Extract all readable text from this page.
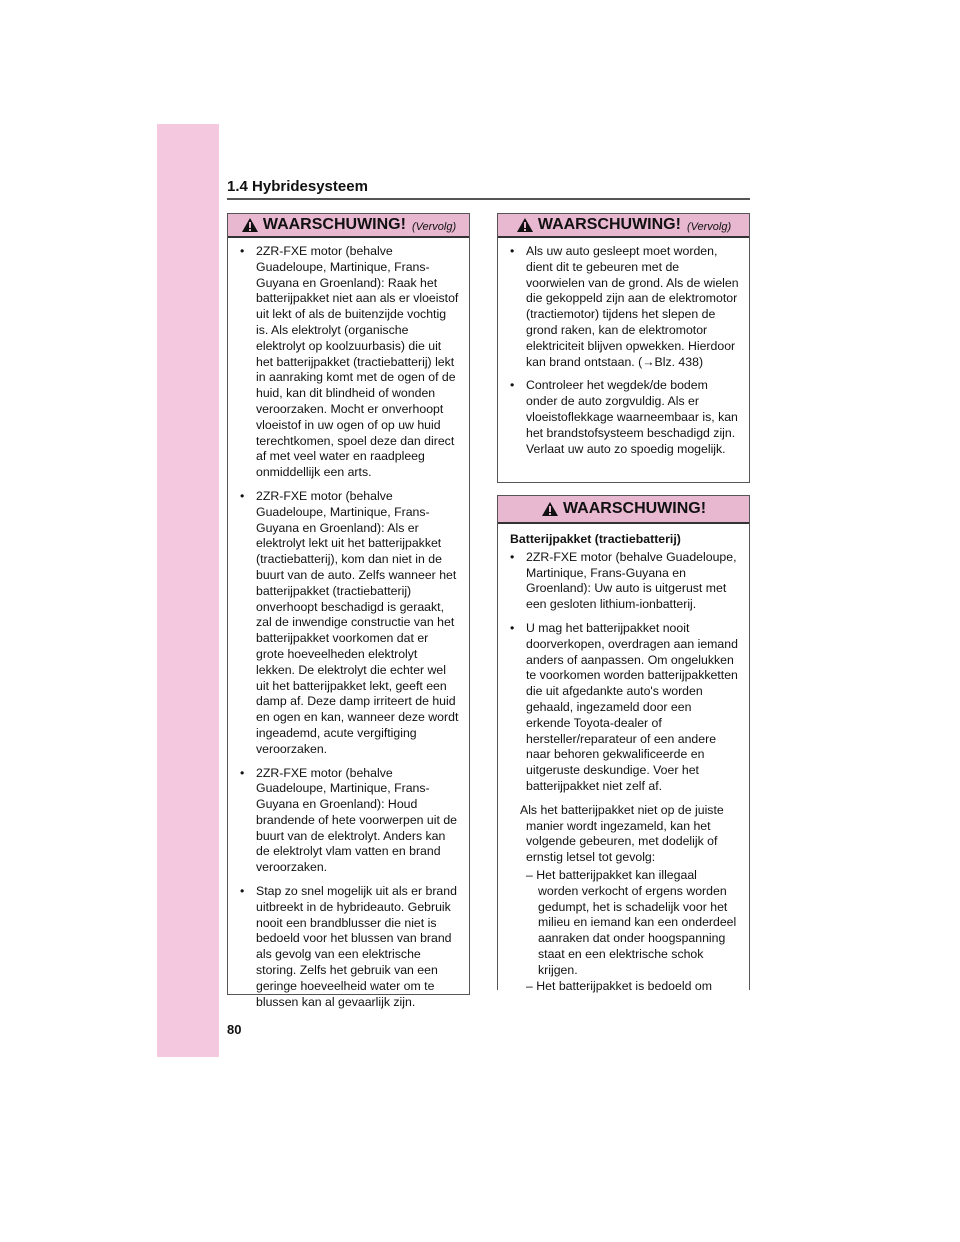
1.4 Hybridesysteem
WAARSCHUWING! (Vervolg)
• 2ZR-FXE motor (behalve Guadeloupe, Martinique, Frans-Guyana en Groenland): Raak het batterijpakket niet aan als er vloeistof uit lekt of als de buitenzijde vochtig is. Als elektrolyt (organische elektrolyt op koolzuurbasis) die uit het batterijpakket (tractiebatterij) lekt in aanraking komt met de ogen of de huid, kan dit blindheid of wonden veroorzaken. Mocht er onverhoopt vloeistof in uw ogen of op uw huid terechtkomen, spoel deze dan direct af met veel water en raadpleeg onmiddellijk een arts.
• 2ZR-FXE motor (behalve Guadeloupe, Martinique, Frans-Guyana en Groenland): Als er elektrolyt lekt uit het batterijpakket (tractiebatterij), kom dan niet in de buurt van de auto. Zelfs wanneer het batterijpakket (tractiebatterij) onverhoopt beschadigd is geraakt, zal de inwendige constructie van het batterijpakket voorkomen dat er grote hoeveelheden elektrolyt lekken. De elektrolyt die echter wel uit het batterijpakket lekt, geeft een damp af. Deze damp irriteert de huid en ogen en kan, wanneer deze wordt ingeademd, acute vergiftiging veroorzaken.
• 2ZR-FXE motor (behalve Guadeloupe, Martinique, Frans-Guyana en Groenland): Houd brandende of hete voorwerpen uit de buurt van de elektrolyt. Anders kan de elektrolyt vlam vatten en brand veroorzaken.
• Stap zo snel mogelijk uit als er brand uitbreekt in de hybrideauto. Gebruik nooit een brandblusser die niet is bedoeld voor het blussen van brand als gevolg van een elektrische storing. Zelfs het gebruik van een geringe hoeveelheid water om te blussen kan al gevaarlijk zijn.
WAARSCHUWING! (Vervolg)
• Als uw auto gesleept moet worden, dient dit te gebeuren met de voorwielen van de grond. Als de wielen die gekoppeld zijn aan de elektromotor (tractiemotor) tijdens het slepen de grond raken, kan de elektromotor elektriciteit blijven opwekken. Hierdoor kan brand ontstaan. (→Blz. 438)
• Controleer het wegdek/de bodem onder de auto zorgvuldig. Als er vloeistoflekkage waarneembaar is, kan het brandstofsysteem beschadigd zijn. Verlaat uw auto zo spoedig mogelijk.
WAARSCHUWING!
Batterijpakket (tractiebatterij)
• 2ZR-FXE motor (behalve Guadeloupe, Martinique, Frans-Guyana en Groenland): Uw auto is uitgerust met een gesloten lithium-ionbatterij.
• U mag het batterijpakket nooit doorverkopen, overdragen aan iemand anders of aanpassen. Om ongelukken te voorkomen worden batterijpakketten die uit afgedankte auto's worden gehaald, ingezameld door een erkende Toyota-dealer of hersteller/reparateur of een andere naar behoren gekwalificeerde en uitgeruste deskundige. Voer het batterijpakket niet zelf af.
Als het batterijpakket niet op de juiste manier wordt ingezameld, kan het volgende gebeuren, met dodelijk of ernstig letsel tot gevolg:
– Het batterijpakket kan illegaal worden verkocht of ergens worden gedumpt, het is schadelijk voor het milieu en iemand kan een onderdeel aanraken dat onder hoogspanning staat en een elektrische schok krijgen.
– Het batterijpakket is bedoeld om
80
